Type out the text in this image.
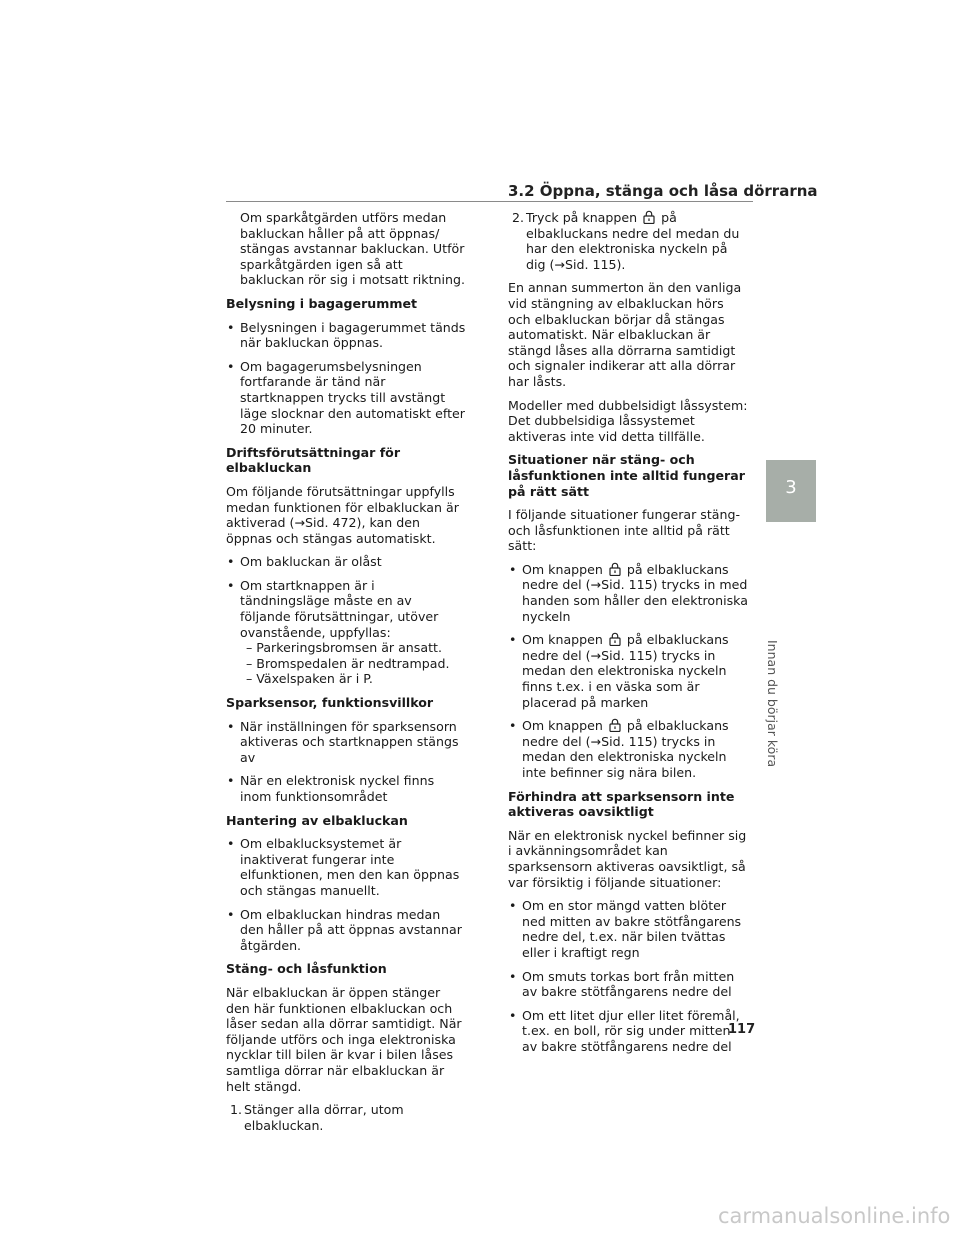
3.2 Öppna, stänga och låsa dörrarna

Om sparkåtgärden utförs medan bakluckan håller på att öppnas/ stängas avstannar bakluckan. Utför sparkåtgärden igen så att bakluckan rör sig i motsatt riktning.

Belysning i bagagerummet
• Belysningen i bagagerummet tänds när bakluckan öppnas.
• Om bagagerumsbelysningen fortfarande är tänd när startknappen trycks till avstängt läge slocknar den automatiskt efter 20 minuter.
Driftsförutsättningar för elbakluckan

Om följande förutsättningar uppfylls medan funktionen för elbakluckan är aktiverad (→Sid. 472), kan den öppnas och stängas automatiskt.

• Om bakluckan är olåst
• Om startknappen är i tändningsläge måste en av följande förutsättningar, utöver ovanstående, uppfyllas:
– Parkeringsbromsen är ansatt.
– Bromspedalen är nedtrampad.
– Växelspaken är i P.
Sparksensor, funktionsvillkor
• När inställningen för sparksensorn aktiveras och startknappen stängs av
• När en elektronisk nyckel finns inom funktionsområdet
Hantering av elbakluckan
• Om elbaklucksystemet är inaktiverat fungerar inte elfunktionen, men den kan öppnas och stängas manuellt.
• Om elbakluckan hindras medan den håller på att öppnas avstannar åtgärden.
Stäng- och låsfunktion

När elbakluckan är öppen stänger den här funktionen elbakluckan och låser sedan alla dörrar samtidigt. När följande utförs och inga elektroniska nycklar till bilen är kvar i bilen låses samtliga dörrar när elbakluckan är helt stängd.

1. Stänger alla dörrar, utom elbakluckan.
2. Tryck på knappen på elbakluckans nedre del medan du har den elektroniska nyckeln på dig (→Sid. 115).

En annan summerton än den vanliga vid stängning av elbakluckan hörs och elbakluckan börjar då stängas automatiskt. När elbakluckan är stängd låses alla dörrarna samtidigt och signaler indikerar att alla dörrar har låsts.

Modeller med dubbelsidigt låssystem: Det dubbelsidiga låssystemet aktiveras inte vid detta tillfälle.

Situationer när stäng- och låsfunktionen inte alltid fungerar på rätt sätt

I följande situationer fungerar stäng- och låsfunktionen inte alltid på rätt sätt:

• Om knappen på elbakluckans nedre del (→Sid. 115) trycks in med handen som håller den elektroniska nyckeln
• Om knappen på elbakluckans nedre del (→Sid. 115) trycks in medan den elektroniska nyckeln finns t.ex. i en väska som är placerad på marken
• Om knappen på elbakluckans nedre del (→Sid. 115) trycks in medan den elektroniska nyckeln inte befinner sig nära bilen.
Förhindra att sparksensorn inte aktiveras oavsiktligt

När en elektronisk nyckel befinner sig i avkänningsområdet kan sparksensorn aktiveras oavsiktligt, så var försiktig i följande situationer:

• Om en stor mängd vatten blöter ned mitten av bakre stötfångarens nedre del, t.ex. när bilen tvättas eller i kraftigt regn
• Om smuts torkas bort från mitten av bakre stötfångarens nedre del
• Om ett litet djur eller litet föremål, t.ex. en boll, rör sig under mitten av bakre stötfångarens nedre del
3
Innan du börjar köra
117
carmanualsonline.info
